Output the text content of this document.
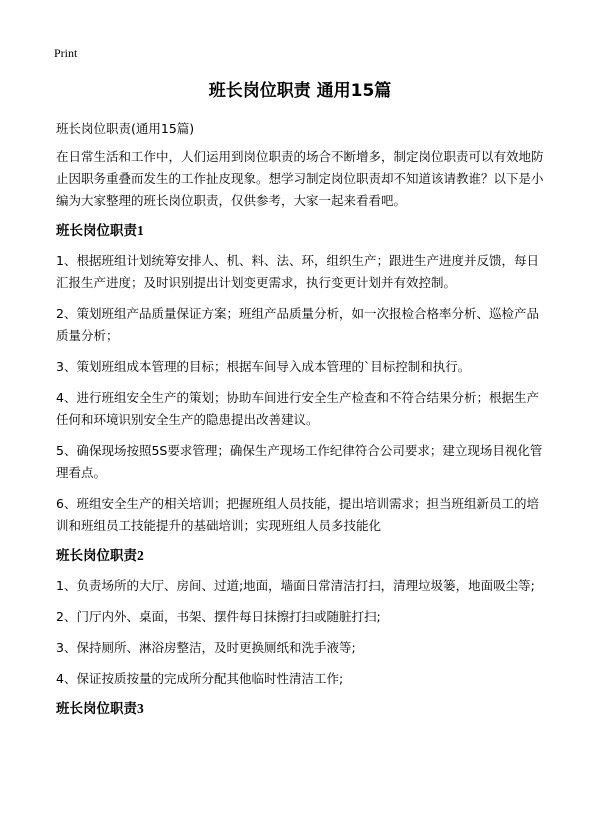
Print

班长岗位职责 通用15篇

班长岗位职责(通用15篇)

在日常生活和工作中，人们运用到岗位职责的场合不断增多，制定岗位职责可以有效地防止因职务重叠而发生的工作扯皮现象。想学习制定岗位职责却不知道该请教谁？以下是小编为大家整理的班长岗位职责，仅供参考，大家一起来看看吧。

班长岗位职责1

1、根据班组计划统筹安排人、机、料、法、环，组织生产；跟进生产进度并反馈，每日汇报生产进度；及时识别提出计划变更需求，执行变更计划并有效控制。

2、策划班组产品质量保证方案；班组产品质量分析，如一次报检合格率分析、巡检产品质量分析；

3、策划班组成本管理的目标；根据车间导入成本管理的`目标控制和执行。

4、进行班组安全生产的策划；协助车间进行安全生产检查和不符合结果分析；根据生产任何和环境识别安全生产的隐患提出改善建议。

5、确保现场按照5S要求管理；确保生产现场工作纪律符合公司要求；建立现场目视化管理看点。

6、班组安全生产的相关培训；把握班组人员技能，提出培训需求；担当班组新员工的培训和班组员工技能提升的基础培训；实现班组人员多技能化

班长岗位职责2

1、负责场所的大厅、房间、过道;地面，墙面日常清洁打扫，清理垃圾篓，地面吸尘等;

2、门厅内外、桌面，书架、摆件每日抹擦打扫或随脏打扫;

3、保持厕所、淋浴房整洁，及时更换厕纸和洗手液等;

4、保证按质按量的完成所分配其他临时性清洁工作;

班长岗位职责3
